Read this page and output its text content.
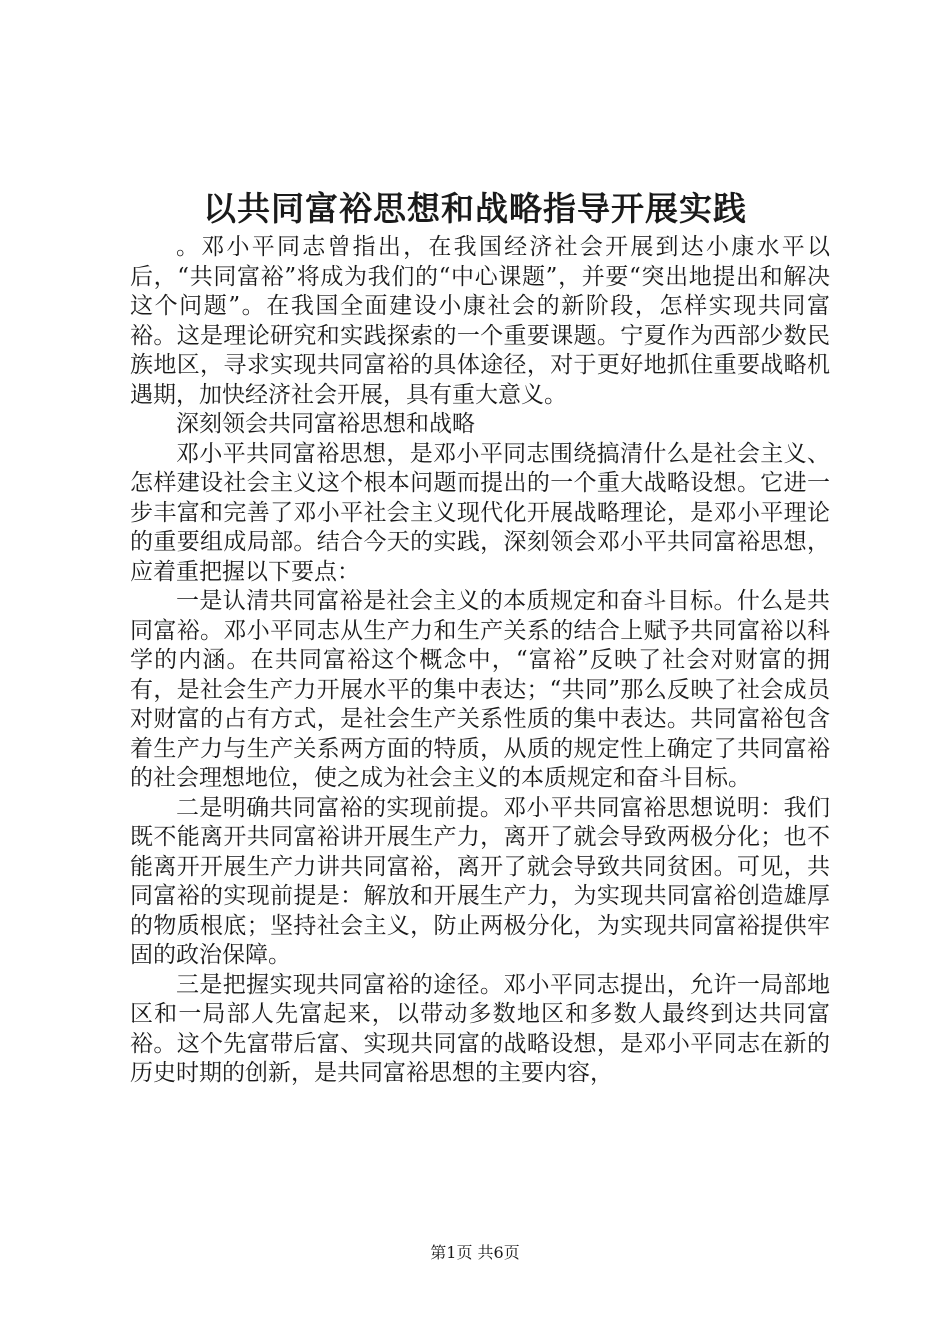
以共同富裕思想和战略指导开展实践

。邓小平同志曾指出，在我国经济社会开展到达小康水平以后，“共同富裕”将成为我们的“中心课题”，并要“突出地提出和解决这个问题”。在我国全面建设小康社会的新阶段，怎样实现共同富裕。这是理论研究和实践探索的一个重要课题。宁夏作为西部少数民族地区，寻求实现共同富裕的具体途径，对于更好地抓住重要战略机遇期，加快经济社会开展，具有重大意义。

深刻领会共同富裕思想和战略

邓小平共同富裕思想，是邓小平同志围绕搞清什么是社会主义、怎样建设社会主义这个根本问题而提出的一个重大战略设想。它进一步丰富和完善了邓小平社会主义现代化开展战略理论，是邓小平理论的重要组成局部。结合今天的实践，深刻领会邓小平共同富裕思想，应着重把握以下要点：

一是认清共同富裕是社会主义的本质规定和奋斗目标。什么是共同富裕。邓小平同志从生产力和生产关系的结合上赋予共同富裕以科学的内涵。在共同富裕这个概念中，“富裕”反映了社会对财富的拥有，是社会生产力开展水平的集中表达；“共同”那么反映了社会成员对财富的占有方式，是社会生产关系性质的集中表达。共同富裕包含着生产力与生产关系两方面的特质，从质的规定性上确定了共同富裕的社会理想地位，使之成为社会主义的本质规定和奋斗目标。

二是明确共同富裕的实现前提。邓小平共同富裕思想说明：我们既不能离开共同富裕讲开展生产力，离开了就会导致两极分化；也不能离开开展生产力讲共同富裕，离开了就会导致共同贫困。可见，共同富裕的实现前提是：解放和开展生产力，为实现共同富裕创造雄厚的物质根底；坚持社会主义，防止两极分化，为实现共同富裕提供牢固的政治保障。

三是把握实现共同富裕的途径。邓小平同志提出，允许一局部地区和一局部人先富起来，以带动多数地区和多数人最终到达共同富裕。这个先富带后富、实现共同富的战略设想，是邓小平同志在新的历史时期的创新，是共同富裕思想的主要内容，

第1页 共6页
